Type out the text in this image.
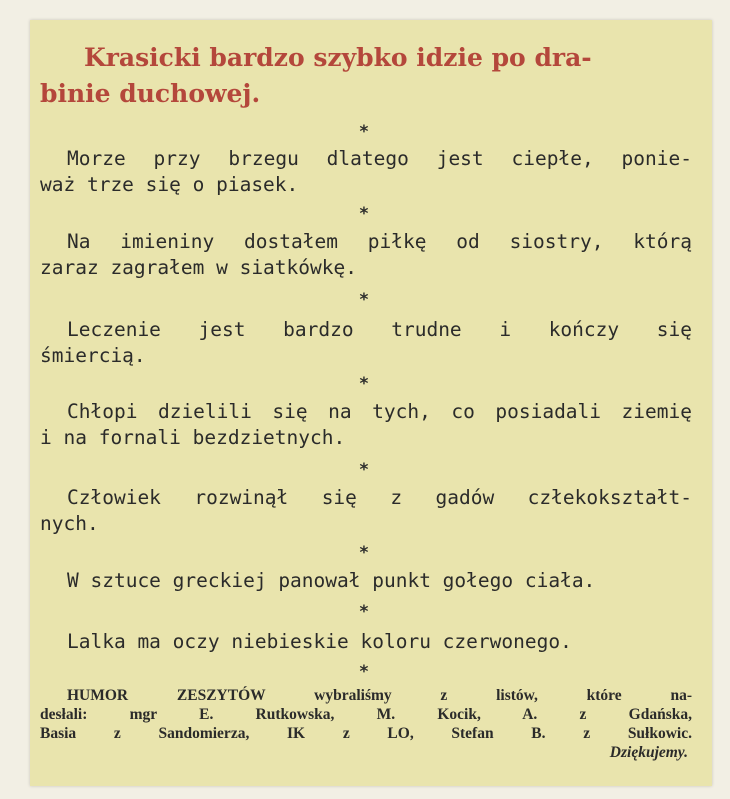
Krasicki bardzo szybko idzie po dra-
binie duchowej.
*

Morze przy brzegu dlatego jest ciepłe, ponie-
waż trze się o piasek.

*

Na imieniny dostałem piłkę od siostry, którą
zaraz zagrałem w siatkówkę.

*

Leczenie jest bardzo trudne i kończy się
śmiercią.

*

Chłopi dzielili się na tych, co posiadali ziemię
i na fornali bezdzietnych.

*

Człowiek rozwinął się z gadów człekokształt-
nych.

*

W sztuce greckiej panował punkt gołego ciała.

*

Lalka ma oczy niebieskie koloru czerwonego.

*

HUMOR ZESZYTÓW wybraliśmy z listów, które na-
desłali: mgr E. Rutkowska, M. Kocik, A. z Gdańska,
Basia z Sandomierza, IK z LO, Stefan B. z Sułkowic.
Dziękujemy.
